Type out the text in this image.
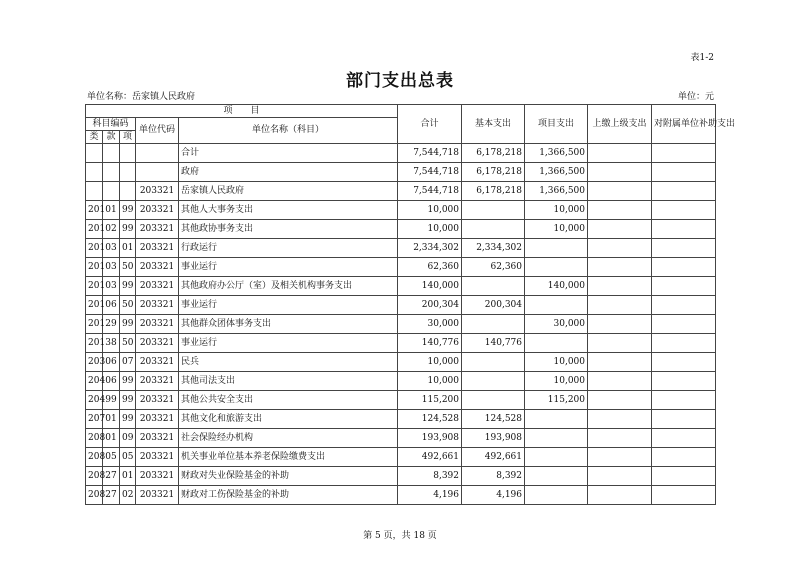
表1-2
部门支出总表
单位名称：岳家镇人民政府	单位：元
项　　目					合计	基本支出	项目支出	上缴上级支出	对附属单位补助支出
科目编码			单位代码	单位名称（科目）					

类	款	项							
				合计	7,544,718	6,178,218	1,366,500		
				政府	7,544,718	6,178,218	1,366,500		
			203321	岳家镇人民政府	7,544,718	6,178,218	1,366,500		
201	01	99	203321	其他人大事务支出	10,000		10,000		
201	02	99	203321	其他政协事务支出	10,000		10,000		
201	03	01	203321	行政运行	2,334,302	2,334,302			
201	03	50	203321	事业运行	62,360	62,360			
201	03	99	203321	其他政府办公厅（室）及相关机构事务支出	140,000		140,000		
201	06	50	203321	事业运行	200,304	200,304			
201	29	99	203321	其他群众团体事务支出	30,000		30,000		
201	38	50	203321	事业运行	140,776	140,776			
203	06	07	203321	民兵	10,000		10,000		
204	06	99	203321	其他司法支出	10,000		10,000		
204	99	99	203321	其他公共安全支出	115,200		115,200		
207	01	99	203321	其他文化和旅游支出	124,528	124,528			
208	01	09	203321	社会保险经办机构	193,908	193,908			
208	05	05	203321	机关事业单位基本养老保险缴费支出	492,661	492,661			
208	27	01	203321	财政对失业保险基金的补助	8,392	8,392			
208	27	02	203321	财政对工伤保险基金的补助	4,196	4,196			
第 5 页，共 18 页
